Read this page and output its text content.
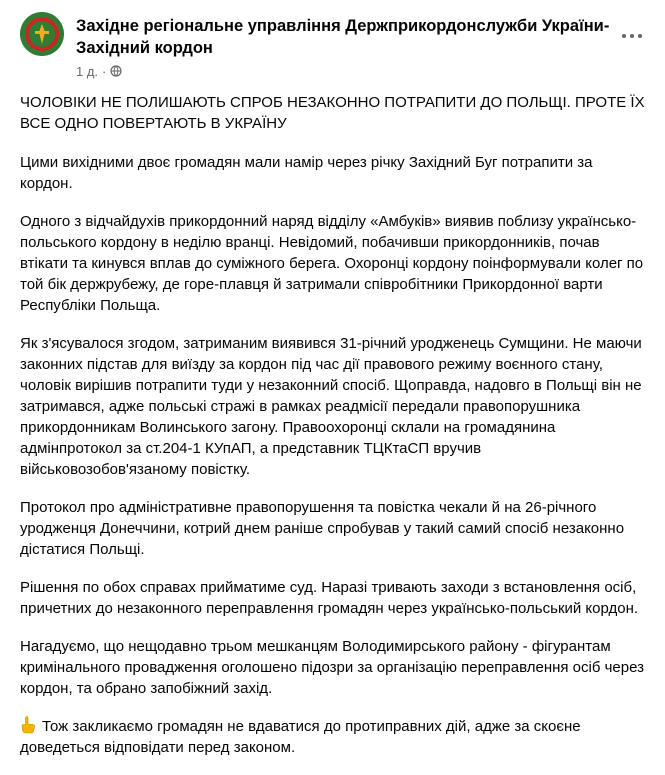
Західне регіональне управління Держприкордонслужби України-Західний кордон
1 д. ·

ЧОЛОВІКИ НЕ ПОЛИШАЮТЬ СПРОБ НЕЗАКОННО ПОТРАПИТИ ДО ПОЛЬЩІ. ПРОТЕ ЇХ ВСЕ ОДНО ПОВЕРТАЮТЬ В УКРАЇНУ

Цими вихідними двоє громадян мали намір через річку Західний Буг потрапити за кордон.

Одного з відчайдухів прикордонний наряд відділу «Амбуків» виявив поблизу українсько-польського кордону в неділю вранці. Невідомий, побачивши прикордонників, почав втікати та кинувся вплав до суміжного берега. Охоронці кордону поінформували колег по той бік держрубежу, де горе-плавця й затримали співробітники Прикордонної варти Республіки Польща.

Як з'ясувалося згодом, затриманим виявився 31-річний уродженець Сумщини. Не маючи законних підстав для виїзду за кордон під час дії правового режиму воєнного стану, чоловік вирішив потрапити туди у незаконний спосіб. Щоправда, надовго в Польщі він не затримався, адже польські стражі в рамках реадмісії передали правопорушника прикордонникам Волинського загону. Правоохоронці склали на громадянина адмінпротокол за ст.204-1 КУпАП, а представник ТЦКтаСП вручив військовозобов'язаному повістку.

Протокол про адміністративне правопорушення та повістка чекали й на 26-річного уродженця Донеччини, котрий днем раніше спробував у такий самий спосіб незаконно дістатися Польщі.

Рішення по обох справах прийматиме суд. Наразі тривають заходи з встановлення осіб, причетних до незаконного переправлення громадян через українсько-польський кордон.

Нагадуємо, що нещодавно трьом мешканцям Володимирського району - фігурантам кримінального провадження оголошено підозри за організацію переправлення осіб через кордон, та обрано запобіжний захід.

Тож закликаємо громадян не вдаватися до протиправних дій, адже за скоєне доведеться відповідати перед законом.
